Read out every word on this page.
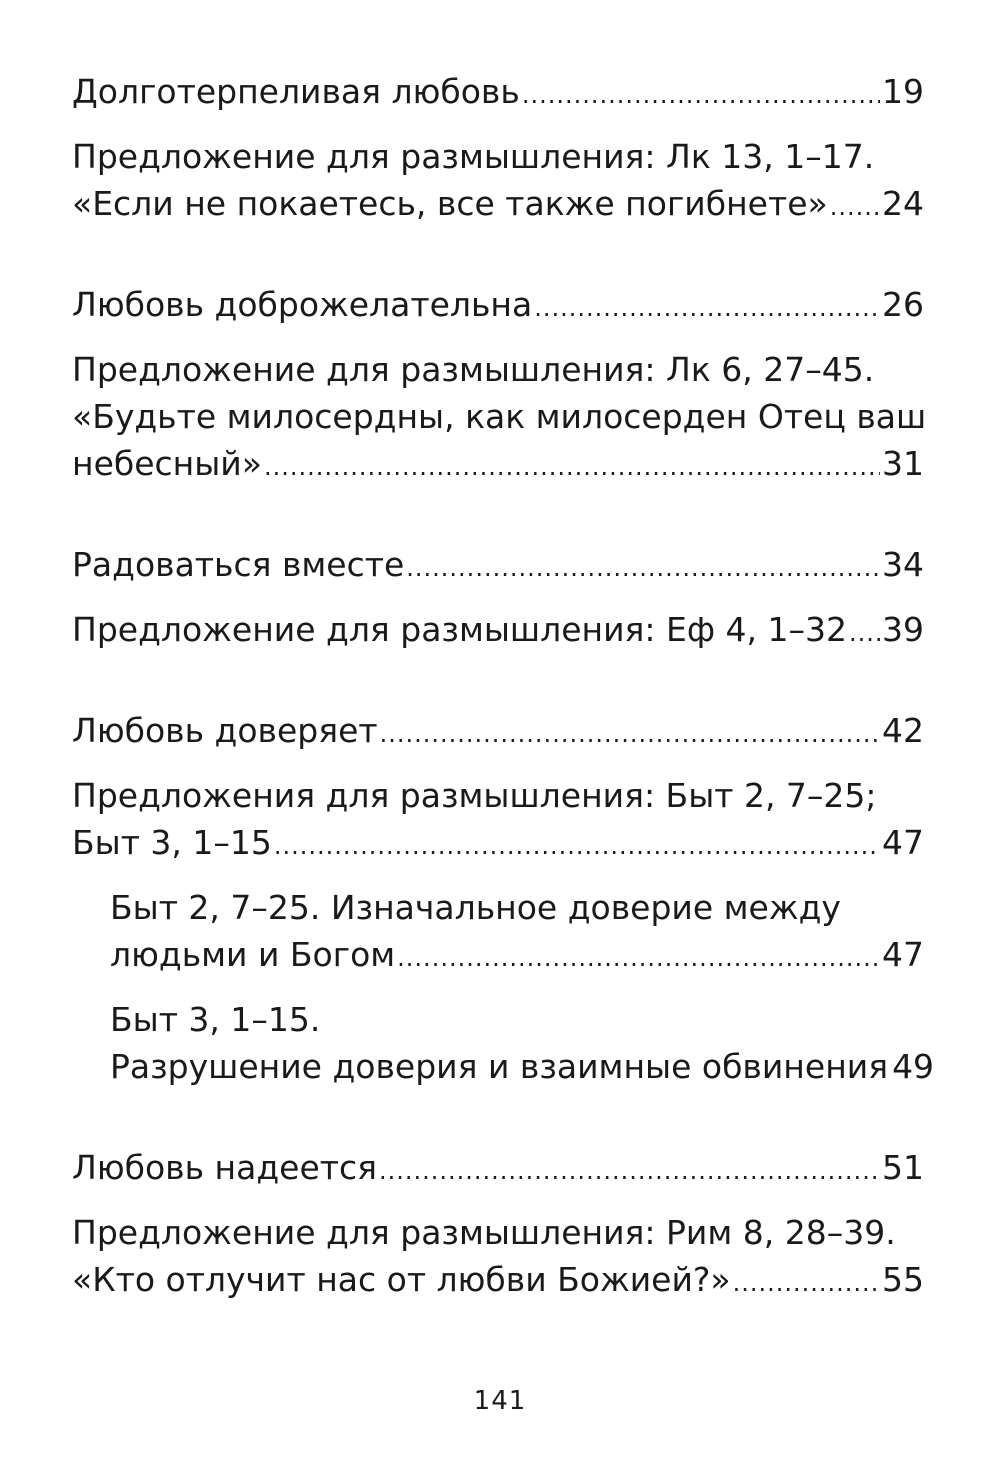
Долготерпеливая любовь .....	19
Предложение для размышления: Лк 13, 1–17.
«Если не покаетесь, все также погибнете» ..... 24
Любовь доброжелательна .....	26
Предложение для размышления: Лк 6, 27–45.
«Будьте милосердны, как милосерден Отец ваш
небесный» .....	31
Радоваться вместе .....	34
Предложение для размышления: Еф 4, 1–32 ..... 39
Любовь доверяет .....	42
Предложения для размышления: Быт 2, 7–25;
Быт 3, 1–15 .....	47
Быт 2, 7–25. Изначальное доверие между
людьми и Богом .....	47
Быт 3, 1–15.
Разрушение доверия и взаимные обвинения 49
Любовь надеется .....	51
Предложение для размышления: Рим 8, 28–39.
«Кто отлучит нас от любви Божией?» .....	55
141
